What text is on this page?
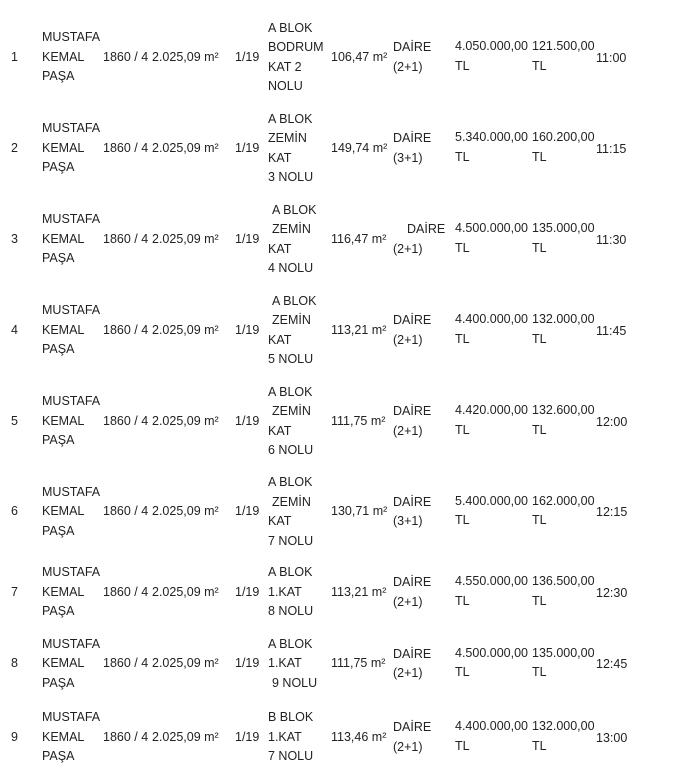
1
MUSTAFA
KEMAL
PAŞA
1860 / 4 2.025,09 m² 1/19
A BLOK
BODRUM
KAT 2
NOLU
106,47 m²
DAİRE
(2+1)
4.050.000,00
TL
121.500,00
TL
11:00
2
MUSTAFA
KEMAL
PAŞA
1860 / 4 2.025,09 m² 1/19
A BLOK
ZEMİN
KAT
3 NOLU
149,74 m²
DAİRE
(3+1)
5.340.000,00
TL
160.200,00
TL
11:15
3
MUSTAFA
KEMAL
PAŞA
1860 / 4 2.025,09 m² 1/19
A BLOK
ZEMİN
KAT
4 NOLU
116,47 m²
DAİRE
(2+1)
4.500.000,00
TL
135.000,00
TL
11:30
4
MUSTAFA
KEMAL
PAŞA
1860 / 4 2.025,09 m² 1/19
A BLOK
ZEMİN
KAT
5 NOLU
113,21 m²
DAİRE
(2+1)
4.400.000,00
TL
132.000,00
TL
11:45
5
MUSTAFA
KEMAL
PAŞA
1860 / 4 2.025,09 m² 1/19
A BLOK
ZEMİN
KAT
6 NOLU
111,75 m²
DAİRE
(2+1)
4.420.000,00
TL
132.600,00
TL
12:00
6
MUSTAFA
KEMAL
PAŞA
1860 / 4 2.025,09 m² 1/19
A BLOK
ZEMİN
KAT
7 NOLU
130,71 m²
DAİRE
(3+1)
5.400.000,00
TL
162.000,00
TL
12:15
7
MUSTAFA
KEMAL
PAŞA
1860 / 4 2.025,09 m² 1/19
A BLOK
1.KAT
8 NOLU
113,21 m²
DAİRE
(2+1)
4.550.000,00
TL
136.500,00
TL
12:30
8
MUSTAFA
KEMAL
PAŞA
1860 / 4 2.025,09 m² 1/19
A BLOK
1.KAT
9 NOLU
111,75 m²
DAİRE
(2+1)
4.500.000,00
TL
135.000,00
TL
12:45
9
MUSTAFA
KEMAL
PAŞA
1860 / 4 2.025,09 m² 1/19
B BLOK
1.KAT
7 NOLU
113,46 m²
DAİRE
(2+1)
4.400.000,00
TL
132.000,00
TL
13:00
